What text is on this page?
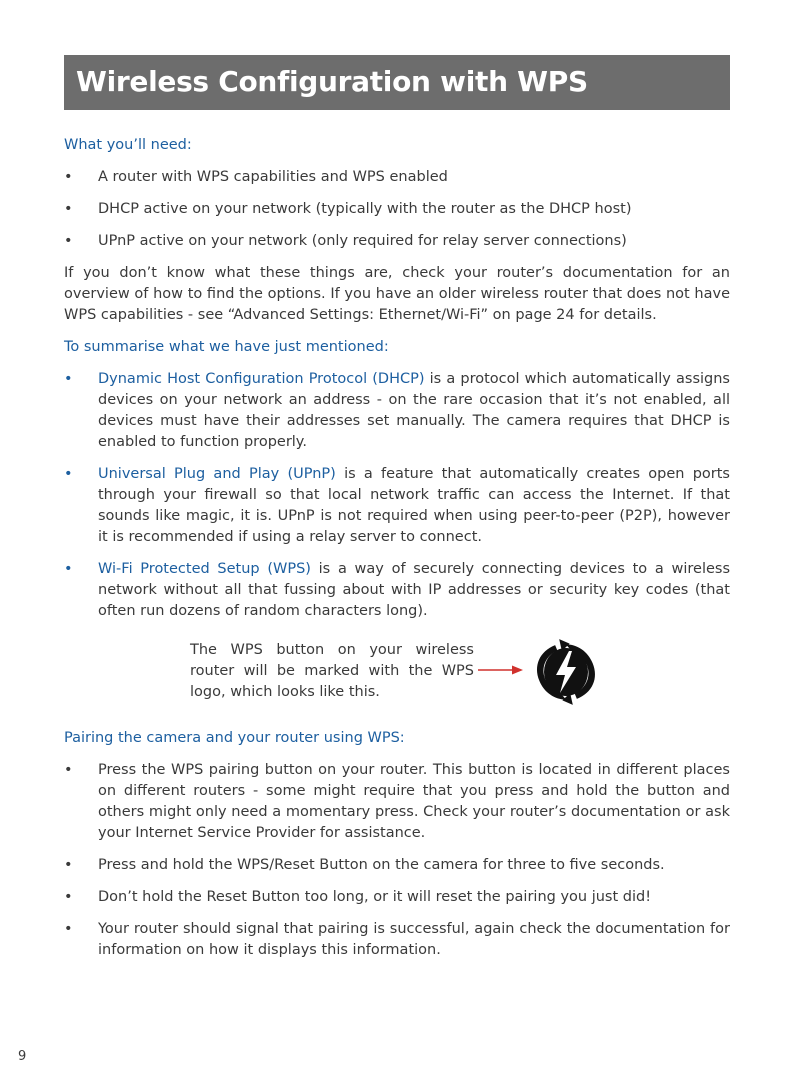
Wireless Configuration with WPS
What you’ll need:
• A router with WPS capabilities and WPS enabled
• DHCP active on your network (typically with the router as the DHCP host)
• UPnP active on your network (only required for relay server connections)

If you don’t know what these things are, check your router’s documentation for an overview of how to find the options. If you have an older wireless router that does not have WPS capabilities - see “Advanced Settings: Ethernet/Wi-Fi” on page 24 for details.

To summarise what we have just mentioned:
• Dynamic Host Configuration Protocol (DHCP) is a protocol which automatically assigns devices on your network an address - on the rare occasion that it’s not enabled, all devices must have their addresses set manually. The camera requires that DHCP is enabled to function properly.
• Universal Plug and Play (UPnP) is a feature that automatically creates open ports through your firewall so that local network traffic can access the Internet. If that sounds like magic, it is. UPnP is not required when using peer-to-peer (P2P), however it is recommended if using a relay server to connect.
• Wi-Fi Protected Setup (WPS) is a way of securely connecting devices to a wireless network without all that fussing about with IP addresses or security key codes (that often run dozens of random characters long).
The WPS button on your wireless router will be marked with the WPS logo, which looks like this.
Pairing the camera and your router using WPS:
• Press the WPS pairing button on your router. This button is located in different places on different routers - some might require that you press and hold the button and others might only need a momentary press. Check your router’s documentation or ask your Internet Service Provider for assistance.
• Press and hold the WPS/Reset Button on the camera for three to five seconds.
• Don’t hold the Reset Button too long, or it will reset the pairing you just did!
• Your router should signal that pairing is successful, again check the documentation for information on how it displays this information.
9
